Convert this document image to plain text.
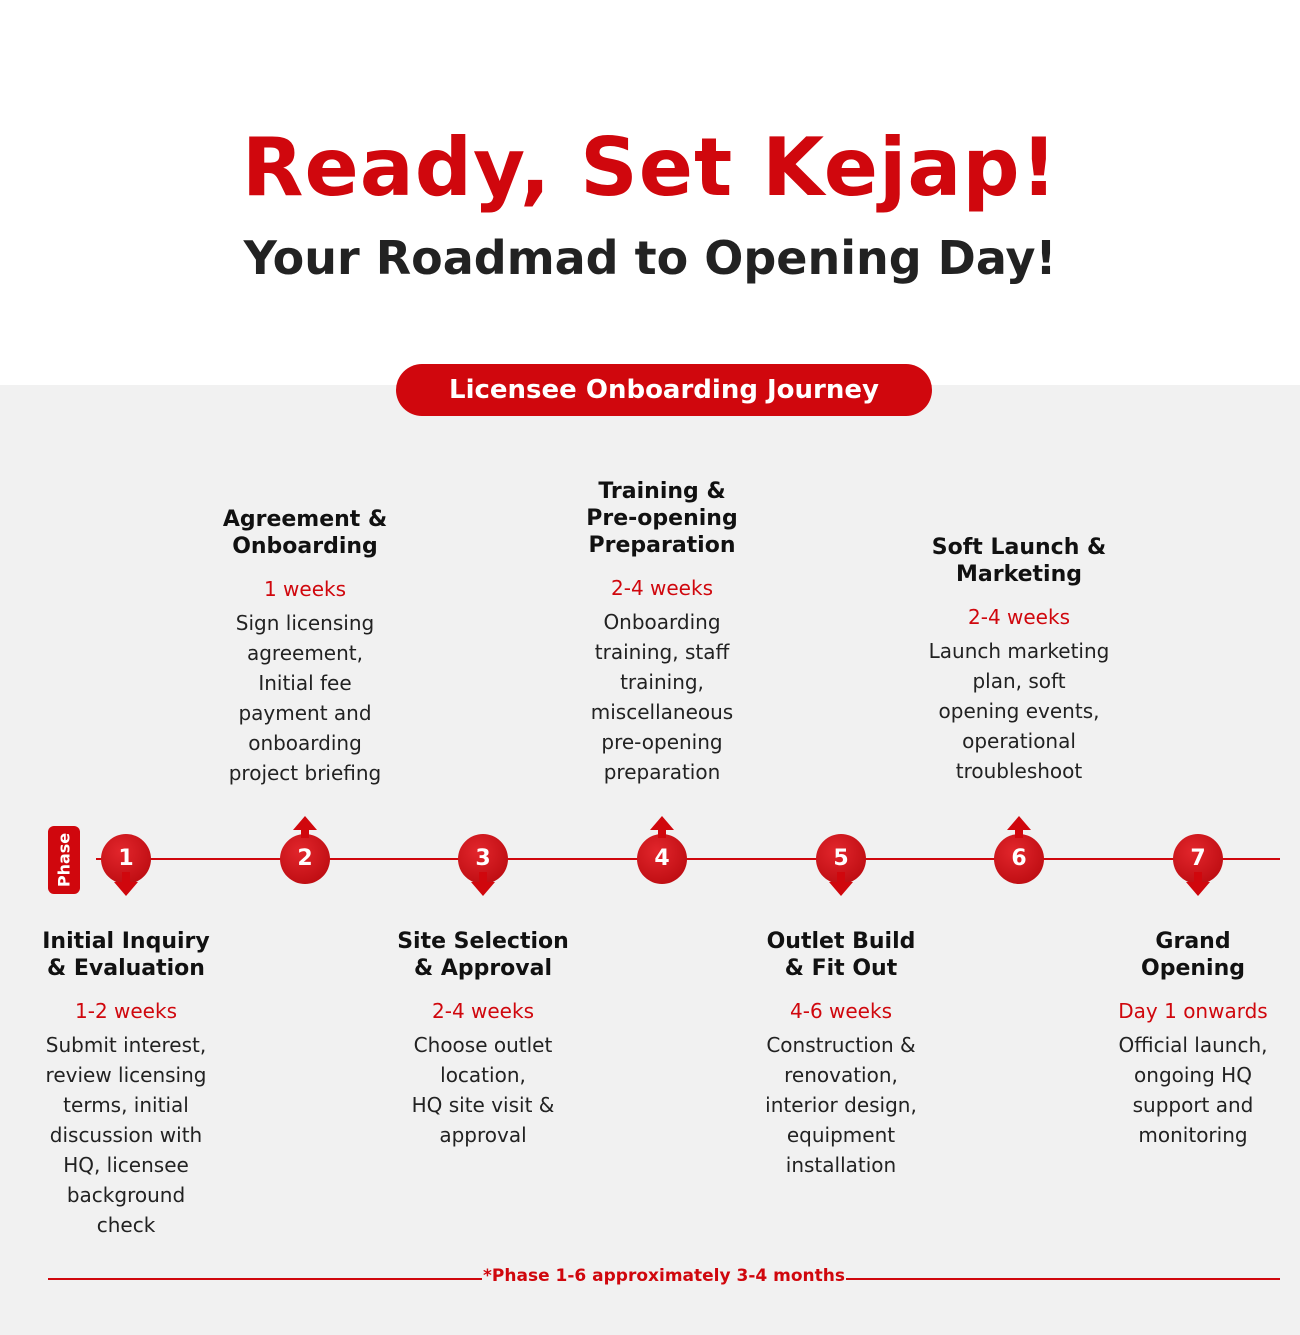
Ready, Set Kejap!
Your Roadmad to Opening Day!
Licensee Onboarding Journey
Phase	1	2	3	4	5	6	7
Initial Inquiry
& Evaluation
1-2 weeks
Submit interest,
review licensing
terms, initial
discussion with
HQ, licensee
background
check
Site Selection
& Approval
2-4 weeks
Choose outlet
location,
HQ site visit &
approval
Outlet Build
& Fit Out
4-6 weeks
Construction &
renovation,
interior design,
equipment
installation
Grand
Opening
Day 1 onwards
Official launch,
ongoing HQ
support and
monitoring
Agreement &
Onboarding
1 weeks
Sign licensing
agreement,
Initial fee
payment and
onboarding
project briefing
Training &
Pre-opening
Preparation
2-4 weeks
Onboarding
training, staff
training,
miscellaneous
pre-opening
preparation
Soft Launch &
Marketing
2-4 weeks
Launch marketing
plan, soft
opening events,
operational
troubleshoot
*Phase 1-6 approximately 3-4 months
